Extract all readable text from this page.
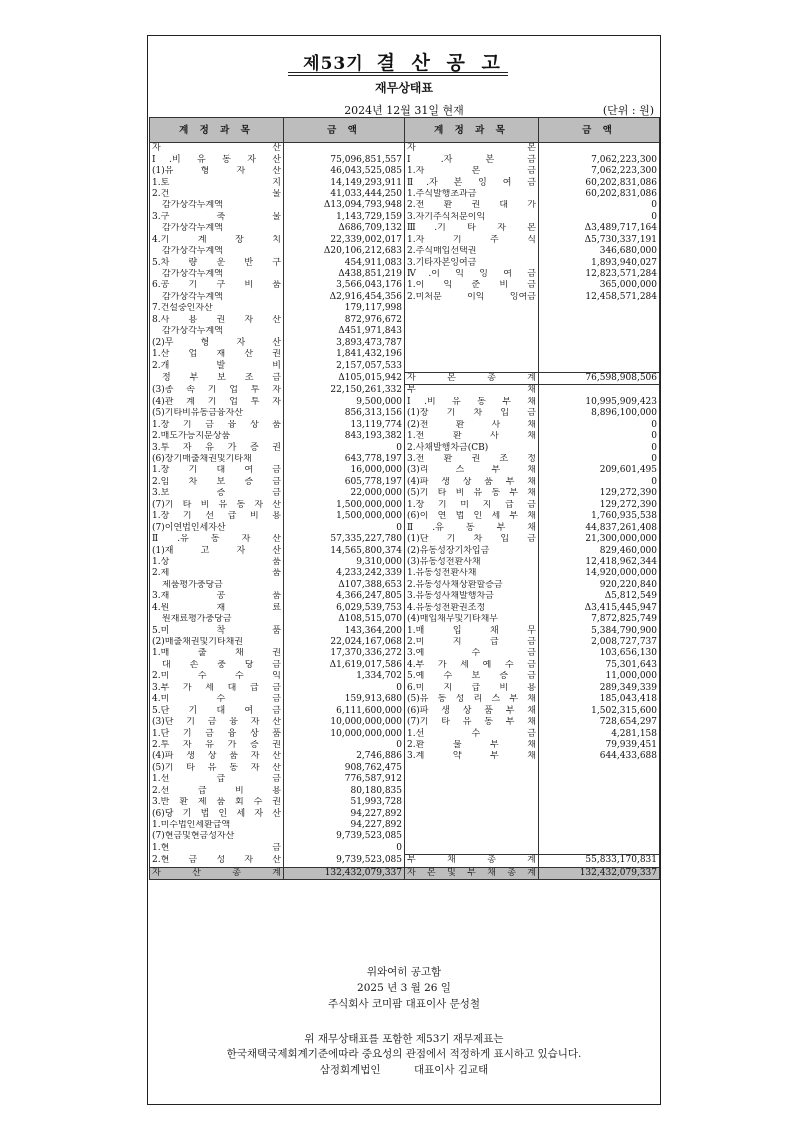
제53기 결 산 공 고
재무상태표
2024년 12월 31일 현재	(단위 : 원)
계 정 과 목	금 액	계 정 과 목	금 액
자 산		자 본	
Ⅰ.비 유 동 자 산	75,096,851,557	Ⅰ.자 본 금	7,062,223,300
(1)유 형 자 산	46,043,525,085	1.자 본 금	7,062,223,300
1.토 지	14,149,293,911	Ⅱ.자 본 잉 여 금	60,202,831,086
2.건 물	41,033,444,250	1.주식발행초과금	60,202,831,086
감가상각누계액	Δ13,094,793,948	2.전 환 권 대 가	0
3.구 축 물	1,143,729,159	3.자기주식처분이익	0
감가상각누계액	Δ686,709,132	Ⅲ.기 타 자 본	Δ3,489,717,164
4.기 계 장 치	22,339,002,017	1.자 기 주 식	Δ5,730,337,191
감가상각누계액	Δ20,106,212,683	2.주식매입선택권	346,680,000
5.차 량 운 반 구	454,911,083	3.기타자본잉여금	1,893,940,027
감가상각누계액	Δ438,851,219	Ⅳ.이 익 잉 여 금	12,823,571,284
6.공 기 구 비 품	3,566,043,176	1.이 익 준 비 금	365,000,000
감가상각누계액	Δ2,916,454,356	2.미처분 이익 잉여금	12,458,571,284
7.건설중인자산	179,117,998		
8.사 용 권 자 산	872,976,672		
감가상각누계액	Δ451,971,843		
(2)무 형 자 산	3,893,473,787		
1.산 업 재 산 권	1,841,432,196		
2.개 발 비	2,157,057,533		
정 부 보 조 금	Δ105,015,942	자 본 총 계	76,598,908,506
(3)종 속 기 업 투 자	22,150,261,332	부 채	
(4)관 계 기 업 투 자	9,500,000	Ⅰ.비 유 동 부 채	10,995,909,423
(5)기타비유동금융자산	856,313,156	(1)장 기 차 입 금	8,896,100,000
1.장 기 금 융 상 품	13,119,774	(2)전 환 사 채	0
2.매도가능지분상품	843,193,382	1.전 환 사 채	0
3.투 자 유 가 증 권	0	2.사채발행차금(CB)	0
(6)장기매출채권및기타채	643,778,197	3.전 환 권 조 정	0
1.장 기 대 여 금	16,000,000	(3)리 스 부 채	209,601,495
2.임 차 보 증 금	605,778,197	(4)파 생 상 품 부 채	0
3.보 증 금	22,000,000	(5)기 타 비 유 동 부 채	129,272,390
(7)기 타 비 유 동 자 산	1,500,000,000	1.장 기 미 지 급 금	129,272,390
1.장 기 선 급 비 용	1,500,000,000	(6)이 연 법 인 세 부 채	1,760,935,538
(7)이연법인세자산	0	Ⅱ.유 동 부 채	44,837,261,408
Ⅱ.유 동 자 산	57,335,227,780	(1)단 기 차 입 금	21,300,000,000
(1)재 고 자 산	14,565,800,374	(2)유동성장기차입금	829,460,000
1.상 품	9,310,000	(3)유동성전환사채	12,418,962,344
2.제 품	4,233,242,339	1.유동성전환사채	14,920,000,000
제품평가충당금	Δ107,388,653	2.유동성사채상환할증금	920,220,840
3.재 공 품	4,366,247,805	3.유동성사채발행차금	Δ5,812,549
4.원 재 료	6,029,539,753	4.유동성전환권조정	Δ3,415,445,947
원재료평가충당금	Δ108,515,070	(4)매입채무및기타채무	7,872,825,749
5.미 착 품	143,364,200	1.매 입 채 무	5,384,790,900
(2)매출채권및기타채권	22,024,167,068	2.미 지 급 금	2,008,727,737
1.매 출 채 권	17,370,336,272	3.예 수 금	103,656,130
대 손 충 당 금	Δ1,619,017,586	4.부 가 세 예 수 금	75,301,643
2.미 수 수 익	1,334,702	5.예 수 보 증 금	11,000,000
3.부 가 세 대 급 금	0	6.미 지 급 비 용	289,349,339
4.미 수 금	159,913,680	(5)유 동 성 리 스 부 채	185,043,418
5.단 기 대 여 금	6,111,600,000	(6)파 생 상 품 부 채	1,502,315,600
(3)단 기 금 융 자 산	10,000,000,000	(7)기 타 유 동 부 채	728,654,297
1.단 기 금 융 상 품	10,000,000,000	1.선 수 금	4,281,158
2.투 자 유 가 증 권	0	2.환 불 부 채	79,939,451
(4)파 생 상 품 자 산	2,746,886	3.계 약 부 채	644,433,688
(5)기 타 유 동 자 산	908,762,475		
1.선 급 금	776,587,912		
2.선 급 비 용	80,180,835		
3.반 환 제 품 회 수 권	51,993,728		
(6)당 기 법 인 세 자 산	94,227,892		
1.미수법인세환급액	94,227,892		
(7)현금및현금성자산	9,739,523,085		
1.현 금	0		
2.현 금 성 자 산	9,739,523,085	부 채 총 계	55,833,170,831
자 산 총 계	132,432,079,337	자 본 및 부 채 총 계	132,432,079,337

위와여히 공고함
2025 년 3 월 26 일
주식회사 코미팜 대표이사 문성철
위 재무상태표를 포함한 제53기 재무제표는
한국채택국제회계기준에따라 중요성의 관점에서 적정하게 표시하고 있습니다.
삼정회계법인	대표이사 김교태
